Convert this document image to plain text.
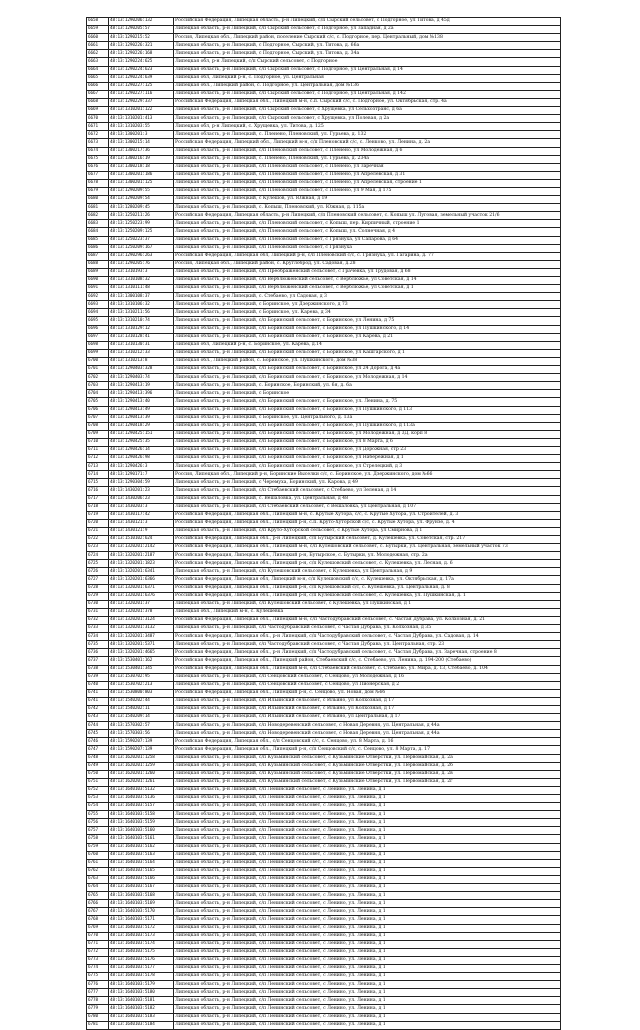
6658	48:13:1290206:132	Российская Федерация, Липецкая область, р-н Липецкий, с/п Сырский сельсовет, с Подгорное, ул Титова, д 45д
6659	48:13:1290205:57	Липецкая область, р-н Липецкий, с/п Сырский сельсовет, с Подгорное, ул Западная, д 2а
6660	48:13:1290215:52	Россия, Липецкая обл., Липецкий район, поселение Сырский с/с, с. Подгорное, пер. Центральный, дом №138
6661	48:13:1290226:321	Липецкая область, р-н Липецкий, с Подгорное, Сырский, ул. Титова, д. 66а
6662	48:13:1290226:168	Липецкая область, р-н Липецкий, с Подгорное, Сырский, ул. Титова, д. 34а
6663	48:13:1290224:625	Липецкая обл, р-н Липецкий, с/п Сырский сельсовет, с Подгорное
6664	48:13:1290224:623	Липецкая область, р-н Липецкий, с/п Сырский сельсовет, с Подгорное, ул Центральная, д 14
6665	48:13:1290224:639	Липецкая обл, Липецкий р-н, с. Подгорное, ул. Центральная
6666	48:13:1290227:125	Липецкая обл., Липецкий район, с. Подгорное, ул. Центральная, дом №136
6667	48:13:1290227:116	Липецкая область, р-н Липецкий, с/п Сырский сельсовет, с Подгорное, ул Центральная, д 142
6668	48:13:1290229:337	Российская Федерация, Липецкая обл., Липецкий м-н, с.п. Сырский с/с, с. Подгорное, ул. Октябрьская, стр. 4а
6669	48:13:1310201:122	Липецкая область, р-н Липецкий, с/п Сырский сельсовет, с Хрущевка, ул Сельхозтранс, д 6а
6670	48:13:1310201:413	Липецкая область, р-н Липецкий, с/п Сырский сельсовет, с Хрущевка, ул Полевая, д 2а
6671	48:13:1310203:55	Липецкая обл, р-н Липецкий, с. Хрущевка, ул. Титова, д. 125
6672	48:13:1300201:3	Липецкая область, р-н Липецкий, с. Пленено, Пленовский, ул. Гурьева, д. 132
6673	48:13:1300215:14	Российская Федерация, Липецкий обл., Липецкий м-н, с/п Пленовский с/с, с. Ленково, ул. Ленина, д. 2а
6674	48:13:1300217:36	Липецкая область, р-н Липецкий, с/п Пленовский сельсовет, с Пленено, ул Молодежная, д 6
6675	48:13:1300216:19	Липецкая область, р-н Липецкий, с. Пленено, Пленовский, ул. Гурьева, д. 234а
6676	48:13:1300218:18	Липецкая область, р-н Липецкий, с/п Пленовский сельсовет, с Пленено, ул Заречная
6677	48:13:1300201:186	Липецкая область, р-н Липецкий, с/п Пленовский сельсовет, с Пленено, ул Апрелевская, д 31
6678	48:13:1300201:125	Липецкая область, р-н Липецкий, с/п Пленовский сельсовет, с Пленено, ул Апрелевская, строение 1
6679	48:13:1290209:55	Липецкая область, р-н Липецкий, с/п Пленовский сельсовет, с Пленено, ул 9 Мая, д 175
6680	48:13:1290209:54	Липецкая область, р-н Липецкий, с Кулешов, ул. Южная, д 19
6681	48:13:1280209:45	Липецкая область, р-н Липецкий, с. Копыш, Пленовский, ул. Южная, д. 115а
6682	48:13:1250211:26	Российская Федерация, Липецкая область, р-н Липецкий, с/п Пленовский сельсовет, с. Копыш ул. Луговая, земельный участок 21/6
6683	48:13:1250223:99	Липецкая область, р-н Липецкий, с/п Пленовский сельсовет, с Копыш, пер. Кирпичный, строение 1
6684	48:13:1250209:125	Липецкая область, р-н Липецкий, с/п Пленовский сельсовет, с Копыш, ул. Солнечная, д 4
6685	48:13:1250223:37	Липецкая область, р-н Липецкий, с/п Пленовский сельсовет, с Грязнуха, ул Сапарова, д 64
6686	48:13:1250209:167	Липецкая область, р-н Липецкий, с/п Пленовский сельсовет, с Грязнуха
6687	48:13:1290296:263	Российская Федерация, Липецкая обл, Липецкий р-н, с/п Пленовский с/с, с. Грязнуха, ул. Гагарина, д. 77
6688	48:13:1290205:76	Россия, Липецкая обл., Липецкий район, с. Круглоброд, ул. Садовая, д.28
6689	48:13:1310193:3	Липецкая область, р-н Липецкий, с/п Преображенский сельсовет, с Грачевка, ул Трудовая, д 68
6690	48:13:1310108:32	Липецкая область, р-н Липецкий, с/п Верблюженский сельсовет, с Верблюжье, ул Советская, д 14
6691	48:13:1310111:48	Липецкая область, р-н Липецкий, с/п Верблюженский сельсовет, с Верблюжье, ул Советская, д 1
6692	48:13:1300108:37	Липецкая область, р-н Липецкий, с. Стебаево, ул Садовая, д 3
6693	48:13:1310106:32	Липецкая область, р-н Липецкий, с Боринское, ул Дзержинского, д 73
6694	48:13:1310211:56	Липецкая область, р-н Липецкий, с Боринское, ул. Карева, д 34
6695	48:13:1310210:74	Липецкая область, р-н Липецкий, с/п Боринский сельсовет, с Боринское, ул Ленина, д 75
6696	48:13:1310129:12	Липецкая область, р-н Липецкий, с/п Боринский сельсовет, с Боринское, ул Пушкинского, д 14
6697	48:13:1310128:41	Липецкая область, р-н Липецкий, с/п Боринский сельсовет, с Боринское, ул Карева, д 21
6698	48:13:1310130:31	Липецкая обл, Липецкий р-н, с. Боринское, ул. Карева, д.14
6699	48:13:1310212:33	Липецкая область, р-н Липецкий, с/п Боринский сельсовет, с Боринское, ул Кашгарского, д 1
6700	48:13:1310213:8	Липецкая обл., Липецкий район, с. Боринское, ул. Пушкинского, дом №38
6701	48:13:1290403:328	Липецкая область, р-н Липецкий, с/п Боринский сельсовет, с Боринское, ул 24 Дорога, д 4а
6702	48:13:1290403:74	Липецкая область, р-н Липецкий, с/п Боринский сельсовет, с Боринское, ул Молодежная, д 14
6703	48:13:1290413:19	Липецкая область, р-н Липецкий, с. Боринское, Боринский, ул. 6я, д. 6а
6704	48:13:1290413:396	Липецкая область, р-н Липецкий, с Боринское
6705	48:13:1290413:40	Липецкая область, р-н Липецкий, с/п Боринский сельсовет, с Боринское, ул. Ленина, д. 75
6706	48:13:1290413:49	Липецкая область, р-н Липецкий, с/п Боринский сельсовет, с Боринское, ул Пушкинского, д 113
6707	48:13:1290413:39	Липецкая область, р-н Липецкий, с Боринское, ул. Центрального, д. 13а
6708	48:13:1290418:29	Липецкая область, р-н Липецкий, с/п Боринский сельсовет, с Боринское, ул Пушкинского, д 113а
6709	48:13:1290425:151	Липецкая область, р-н Липецкий, с/п Боринский сельсовет, с Боринское, ул Молодежная, д 3Д, корп 8
6710	48:13:1290425:35	Липецкая область, р-н Липецкий, с/п Боринский сельсовет, с Боринское, ул 8 Марта, д 6
6711	48:13:1290426:14	Липецкая область, р-н Липецкий, с/п Боринский сельсовет, с Боринское, ул Дорожная, стр 23
6712	48:13:1290426:98	Липецкая область, р-н Липецкий, с/п Боринский сельсовет, с Боринское, ул Набережная, д 1
6713	48:13:1290426:3	Липецкая область, р-н Липецкий, с/п Боринский сельсовет, с Боринское, ул Стрелецкий, д 3
6714	48:13:1290171:7	Россия, Липецкая обл., Липецкий р-н, Боринские Выселки с/с, с. Боринское, ул. Дзержинского, дом №66
6715	48:13:1290304:59	Липецкая область, р-н Липецкий, с Черемуха, Боринский, ул. Карова, д 49
6716	48:13:1430201:23	Липецкая область, р-н Липецкий, с/п Стебаевский сельсовет, с Стебаево, ул Зеленая, д 14
6717	48:13:1430206:23	Липецкая область, р-н Липецкий, с. Вешаловка, ул. Центральная, д 48
6718	48:13:1430203:3	Липецкая область, р-н Липецкий, с/п Стебаевский сельсовет, с Вешаловка, ул Центральная, д 107
6719	48:13:1430117:42	Российская Федерация, Липецкая обл., Липецкий м-н, с. Крутые Хутора, с/с, с. Крутые Хутора, ул. Строителей, д. 3
6720	48:13:1430121:3	Российская Федерация, Липецкая обл., Липецкий р-н, с.п. Круто-Хуторской с/с, с. Крутые Хутора, ул. Фрунзе, д. 4
6721	48:13:1430121:9	Липецкая область, р-н Липецкий, с/п Круто-Хуторской сельсовет, с Крутые Хутора, ул Смирнова, д 1
6722	48:13:1510102:624	Российская Федерация, Липецкая обл., р-н Липецкий, с/п Бутырский сельсовет, д. Кулешевка, ул. Советская, стр. 217
6723	48:13:1320201:2142	Российская Федерация, Липецкая обл., Липецкий м-н, с/п Кулешовский сельсовет, с. Бутырки, ул. Центральная, земельный участок 73
6724	48:13:1320201:2187	Российская Федерация, Липецкая обл., Липецкий р-н, Бутырское, с. Бутырки, ул. Молодежная, стр. 2а
6725	48:13:1320201:1823	Российская Федерация, Липецкая обл., Липецкий р-н, с/п Кулешовский сельсовет, с. Кулешевка, ул. Лесная, д. 6
6726	48:13:1320201:6341	Липецкая область, р-н Липецкий, с/п Кулешовский сельсовет, с Кулешевка, ул Центральная, д 9
6727	48:13:1320201:6366	Российская Федерация, Липецкая обл, Липецкий м-н, с/п Кулешовский с/с, с. Кулешевка, ул. Октябрьская, д. 17а
6728	48:13:1320201:6371	Российская Федерация, Липецкая обл., Липецкий р-н, с/п Кулешовский с/с, с. Кулешевка, ул. Центральная, д. 8
6729	48:13:1320201:6376	Российская Федерация, Липецкая обл., Липецкий р-н, с/п Кулешовский сельсовет, с. Кулешевка, ул. Пушкинская, д. 1
6730	48:13:1320201:37	Липецкая область, р-н Липецкий, с/п Кулешовский сельсовет, с Кулешевка, ул Пушкинская, д 1
6731	48:13:1320201:378	Липецкая обл., Липецкий м-н, с. Кулешевка
6732	48:13:1320201:3124	Российская Федерация, Липецкая обл., Липецкий м-н, с/п Частодубравский сельсовет, с. Частая Дубрава, ул. Колхозная, д. 21
6733	48:13:1320201:3132	Липецкая область, р-н Липецкий, с/п Частодубравский сельсовет, с Частая Дубрава, ул. Колхозная, д 35
6734	48:13:1320201:3487	Российская Федерация, Липецкая обл., р-н Липецкий, с/п Частодубравский сельсовет, с. Частая Дубрава, ул. Садовая, д. 14
6735	48:13:1320201:5371	Липецкая область, р-н Липецкий, с/п Частодубравский сельсовет, с Частая Дубрава, ул. Центральная, стр. 23
6736	48:13:1320201:4665	Российская Федерация, Липецкая обл., р-н Липецкий, с/п Частодубравский сельсовет, с. Частая Дубрава, ул. Заречная, строение 8
6737	48:13:1530401:162	Российская Федерация, Липецкая обл., Липецкий район, Стебаевский с/с, с. Стебаево, ул. Ленина, д. 194-200 (Стебаево)
6738	48:13:1530401:345	Российская Федерация, Липецкая обл., Липецкий м-н, с/п Стебаевский сельсовет, с. Стебаево, ул. Мира, д. 13, Стебаево, д. 104
6739	48:13:1530702:95	Липецкая область, р-н Липецкий, с/п Сенцовский сельсовет, с Сенцово, ул Молодежная, д 16
6740	48:13:1530702:213	Липецкая область, р-н Липецкий, с/п Сенцовский сельсовет, с Сенцово, ул Пионерская, д 2
6741	48:13:1530800:803	Российская Федерация, Липецкая обл., Липецкий р-н, с. Сенцово, ул. Новая, дом №6б
6741	48:13:1540202:44	Липецкая область, р-н Липецкий, с/п Ильинский сельсовет, с Ильино, ул Колхозная, д 17
6742	48:13:1540202:11	Липецкая область, р-н Липецкий, с/п Ильинский сельсовет, с Ильино, ул Колхозная, д 17
6743	48:13:1540209:14	Липецкая область, р-н Липецкий, с/п Ильинский сельсовет, с Ильино, ул Центральная, д 17
6744	48:13:1570302:57	Липецкая область, р-н Липецкий, с/п Новодеревенский сельсовет, с Новая Деревня, ул. Центральная, д 44а
6745	48:13:1570303:56	Липецкая область, р-н Липецкий, с/п Новодеревенский сельсовет, с Новая Деревня, ул. Центральная, д 44а
6746	48:13:1590207:139	Российская Федерация, Липецкая обл., с/п Сенцовский с/с, с. Сенцово, ул. 8 Марта, д. 16
6747	48:13:1590207:139	Российская Федерация, Липецкая обл., Липецкий р-н, с/п Сенцовский с/с, с. Сенцово, ул. 8 Марта, д. 17
6748	48:13:1620201:1258	Липецкая область, р-н Липецкий, с/п Кузьминский сельсовет, с Кузьминские Отверстки, ул. Первомайская, д. 2а
6749	48:13:1620201:1259	Липецкая область, р-н Липецкий, с/п Кузьминский сельсовет, с Кузьминские Отверстки, ул. Первомайская, д. 2б
6750	48:13:1620201:1260	Липецкая область, р-н Липецкий, с/п Кузьминский сельсовет, с Кузьминские Отверстки, ул. Первомайская, д. 2в
6751	48:13:1620201:1261	Липецкая область, р-н Липецкий, с/п Кузьминский сельсовет, с Кузьминские Отверстки, ул. Первомайская, д. 2г
6752	48:13:1640103:5132	Липецкая область, р-н Липецкий, с/п Ленинский сельсовет, с Ленино, ул. Ленина, д 1
6753	48:13:1640103:5136	Липецкая область, р-н Липецкий, с/п Ленинский сельсовет, с Ленино, ул. Ленина, д 1
6754	48:13:1640103:5157	Липецкая область, р-н Липецкий, с/п Ленинский сельсовет, с Ленино, ул. Ленина, д 1
6755	48:13:1640103:5158	Липецкая область, р-н Липецкий, с/п Ленинский сельсовет, с Ленино, ул. Ленина, д 1
6756	48:13:1640103:5159	Липецкая область, р-н Липецкий, с/п Ленинский сельсовет, с Ленино, ул. Ленина, д 1
6757	48:13:1640103:5160	Липецкая область, р-н Липецкий, с/п Ленинский сельсовет, с Ленино, ул. Ленина, д 1
6758	48:13:1640103:5161	Липецкая область, р-н Липецкий, с/п Ленинский сельсовет, с Ленино, ул. Ленина, д 1
6759	48:13:1640103:5162	Липецкая область, р-н Липецкий, с/п Ленинский сельсовет, с Ленино, ул. Ленина, д 1
6760	48:13:1640103:5163	Липецкая область, р-н Липецкий, с/п Ленинский сельсовет, с Ленино, ул. Ленина, д 1
6761	48:13:1640103:5164	Липецкая область, р-н Липецкий, с/п Ленинский сельсовет, с Ленино, ул. Ленина, д 1
6762	48:13:1640103:5165	Липецкая область, р-н Липецкий, с/п Ленинский сельсовет, с Ленино, ул. Ленина, д 1
6763	48:13:1640103:5166	Липецкая область, р-н Липецкий, с/п Ленинский сельсовет, с Ленино, ул. Ленина, д 1
6764	48:13:1640103:5167	Липецкая область, р-н Липецкий, с/п Ленинский сельсовет, с Ленино, ул. Ленина, д 1
6765	48:13:1640103:5168	Липецкая область, р-н Липецкий, с/п Ленинский сельсовет, с Ленино, ул. Ленина, д 1
6766	48:13:1640103:5169	Липецкая область, р-н Липецкий, с/п Ленинский сельсовет, с Ленино, ул. Ленина, д 1
6767	48:13:1640103:5170	Липецкая область, р-н Липецкий, с/п Ленинский сельсовет, с Ленино, ул. Ленина, д 1
6768	48:13:1640103:5171	Липецкая область, р-н Липецкий, с/п Ленинский сельсовет, с Ленино, ул. Ленина, д 1
6769	48:13:1640103:5172	Липецкая область, р-н Липецкий, с/п Ленинский сельсовет, с Ленино, ул. Ленина, д 1
6770	48:13:1640103:5173	Липецкая область, р-н Липецкий, с/п Ленинский сельсовет, с Ленино, ул. Ленина, д 1
6771	48:13:1640103:5174	Липецкая область, р-н Липецкий, с/п Ленинский сельсовет, с Ленино, ул. Ленина, д 1
6772	48:13:1640103:5175	Липецкая область, р-н Липецкий, с/п Ленинский сельсовет, с Ленино, ул. Ленина, д 1
6773	48:13:1640103:5176	Липецкая область, р-н Липецкий, с/п Ленинский сельсовет, с Ленино, ул. Ленина, д 1
6774	48:13:1640103:5177	Липецкая область, р-н Липецкий, с/п Ленинский сельсовет, с Ленино, ул. Ленина, д 1
6775	48:13:1640103:5178	Липецкая область, р-н Липецкий, с/п Ленинский сельсовет, с Ленино, ул. Ленина, д 1
6776	48:13:1640103:5179	Липецкая область, р-н Липецкий, с/п Ленинский сельсовет, с Ленино, ул. Ленина, д 1
6777	48:13:1640103:5180	Липецкая область, р-н Липецкий, с/п Ленинский сельсовет, с Ленино, ул. Ленина, д 1
6778	48:13:1640103:5181	Липецкая область, р-н Липецкий, с/п Ленинский сельсовет, с Ленино, ул. Ленина, д 1
6779	48:13:1640103:5182	Липецкая область, р-н Липецкий, с/п Ленинский сельсовет, с Ленино, ул. Ленина, д 1
6780	48:13:1640103:5183	Липецкая область, р-н Липецкий, с/п Ленинский сельсовет, с Ленино, ул. Ленина, д 1
6781	48:13:1640103:5184	Липецкая область, р-н Липецкий, с/п Ленинский сельсовет, с Ленино, ул. Ленина, д 1
